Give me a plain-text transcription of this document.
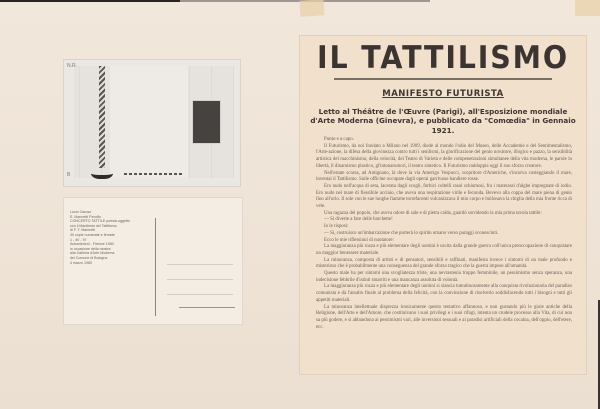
N.R.
B
Lucio Caruso
E. Mannetti Peruffo
CONCERTO TATTILE poesia-oggetto
con il Manifesto del Tattilismo
di F. T. Marinetti
30 copie numerate e firmate
1 - 40 - 'N'
Autoedizioni - Firenze 1980
in occasione della mostra
alla Galleria d'Arte Moderna
del Comune di Bologna
4 marzo 1980
IL TATTILISMO
MANIFESTO FUTURISTA
Letto al Théâtre de l'Œuvre (Parigi), all'Esposizione mondiale d'Arte Moderna (Ginevra), e pubblicato da "Comœdia" in Gennaio 1921.

Punto e a capo.

Il Futurismo, da noi fondato a Milano nel 1909, diede al mondo l'odio del Museo, delle Accademie e del Sentimentalismo, l'Arte-azione, la difesa della giovinezza contro tutti i senilismi, la glorificazione del genio novatore, illogico e pazzo, la sensibilità artistica del macchinismo, della velocità, del Teatro di Varietà e delle compenetrazioni simultanee della vita moderna, le parole in libertà, il dinamismo plastico, gl'intonarumori, il teatro sintetico. Il Futurismo raddoppia oggi il suo sforzo creatore.

Nell'estate scorsa, ad Antignano, là dove la via Amerigo Vespucci, scopritore d'Americhe, s'incurva costeggiando il mare, inventai il Tattilismo. Sulle officine occupate dagli operai garrivano bandiere rosse.

Ero nudo nell'acqua di seta, lacerata dagli scogli, forbici coltelli rasoi schiumosi, fra i materassi d'alghe impregnate di iodio. Ero nudo nel mare di flessibile acciaio, che aveva una respirazione virile e feconda. Bevevo alla coppa del mare piena di genio fino all'orlo. Il sole con le sue lunghe fiamme torrefacenti vulcanizzava il mio corpo e bullonava la chiglia della mia fronte ricca di vele.

Una ragazza del popolo, che aveva odore di sale e di pietra calda, guardò sorridendo la mia prima tavola tattile:

— Si diverte a fare delle barchette!

Io le risposi:

— Sì, costruisco un'imbarcazione che porterà lo spirito umano verso paraggi sconosciuti.

Ecco le mie riflessioni di nuotatore:

La maggioranza più rozza e più elementare degli uomini è uscita dalla grande guerra coll'unica preoccupazione di conquistare un maggior benessere materiale.

La minoranza, composta di artisti e di pensatori, sensibili e raffinati, manifesta invece i sintomi di un male profondo e misterioso che è probabilmente una conseguenza del grande sforzo tragico che la guerra impose all'umanità.

Questo male ha per sintomi una svogliatezza triste, una nevrastenia troppo femminile, un pessimismo senza speranza, una indecisione febbrile d'istinti smarriti e una mancanza assoluta di volontà.

La maggioranza più rozza e più elementare degli uomini si slancia tumultuosamente alla conquista rivoluzionaria del paradiso comunista e dà l'assalto finale al problema della felicità, con la convinzione di risolverlo soddisfacendo tutti i bisogni e tutti gli appetiti materiali.

La minoranza intellettuale disprezza ironicamente questo tentativo affannoso, e non gustando più le gioie antiche della Religione, dell'Arte e dell'Amore, che costituivano i suoi privilegi e i suoi rifugi, intenta un crudele processo alla Vita, di cui non sa più godere, e si abbandona ai pessimismi vari, alle inversioni sessuali e ai paradisi artificiali della cocaina, dell'oppio, dell'etere, ecc.
